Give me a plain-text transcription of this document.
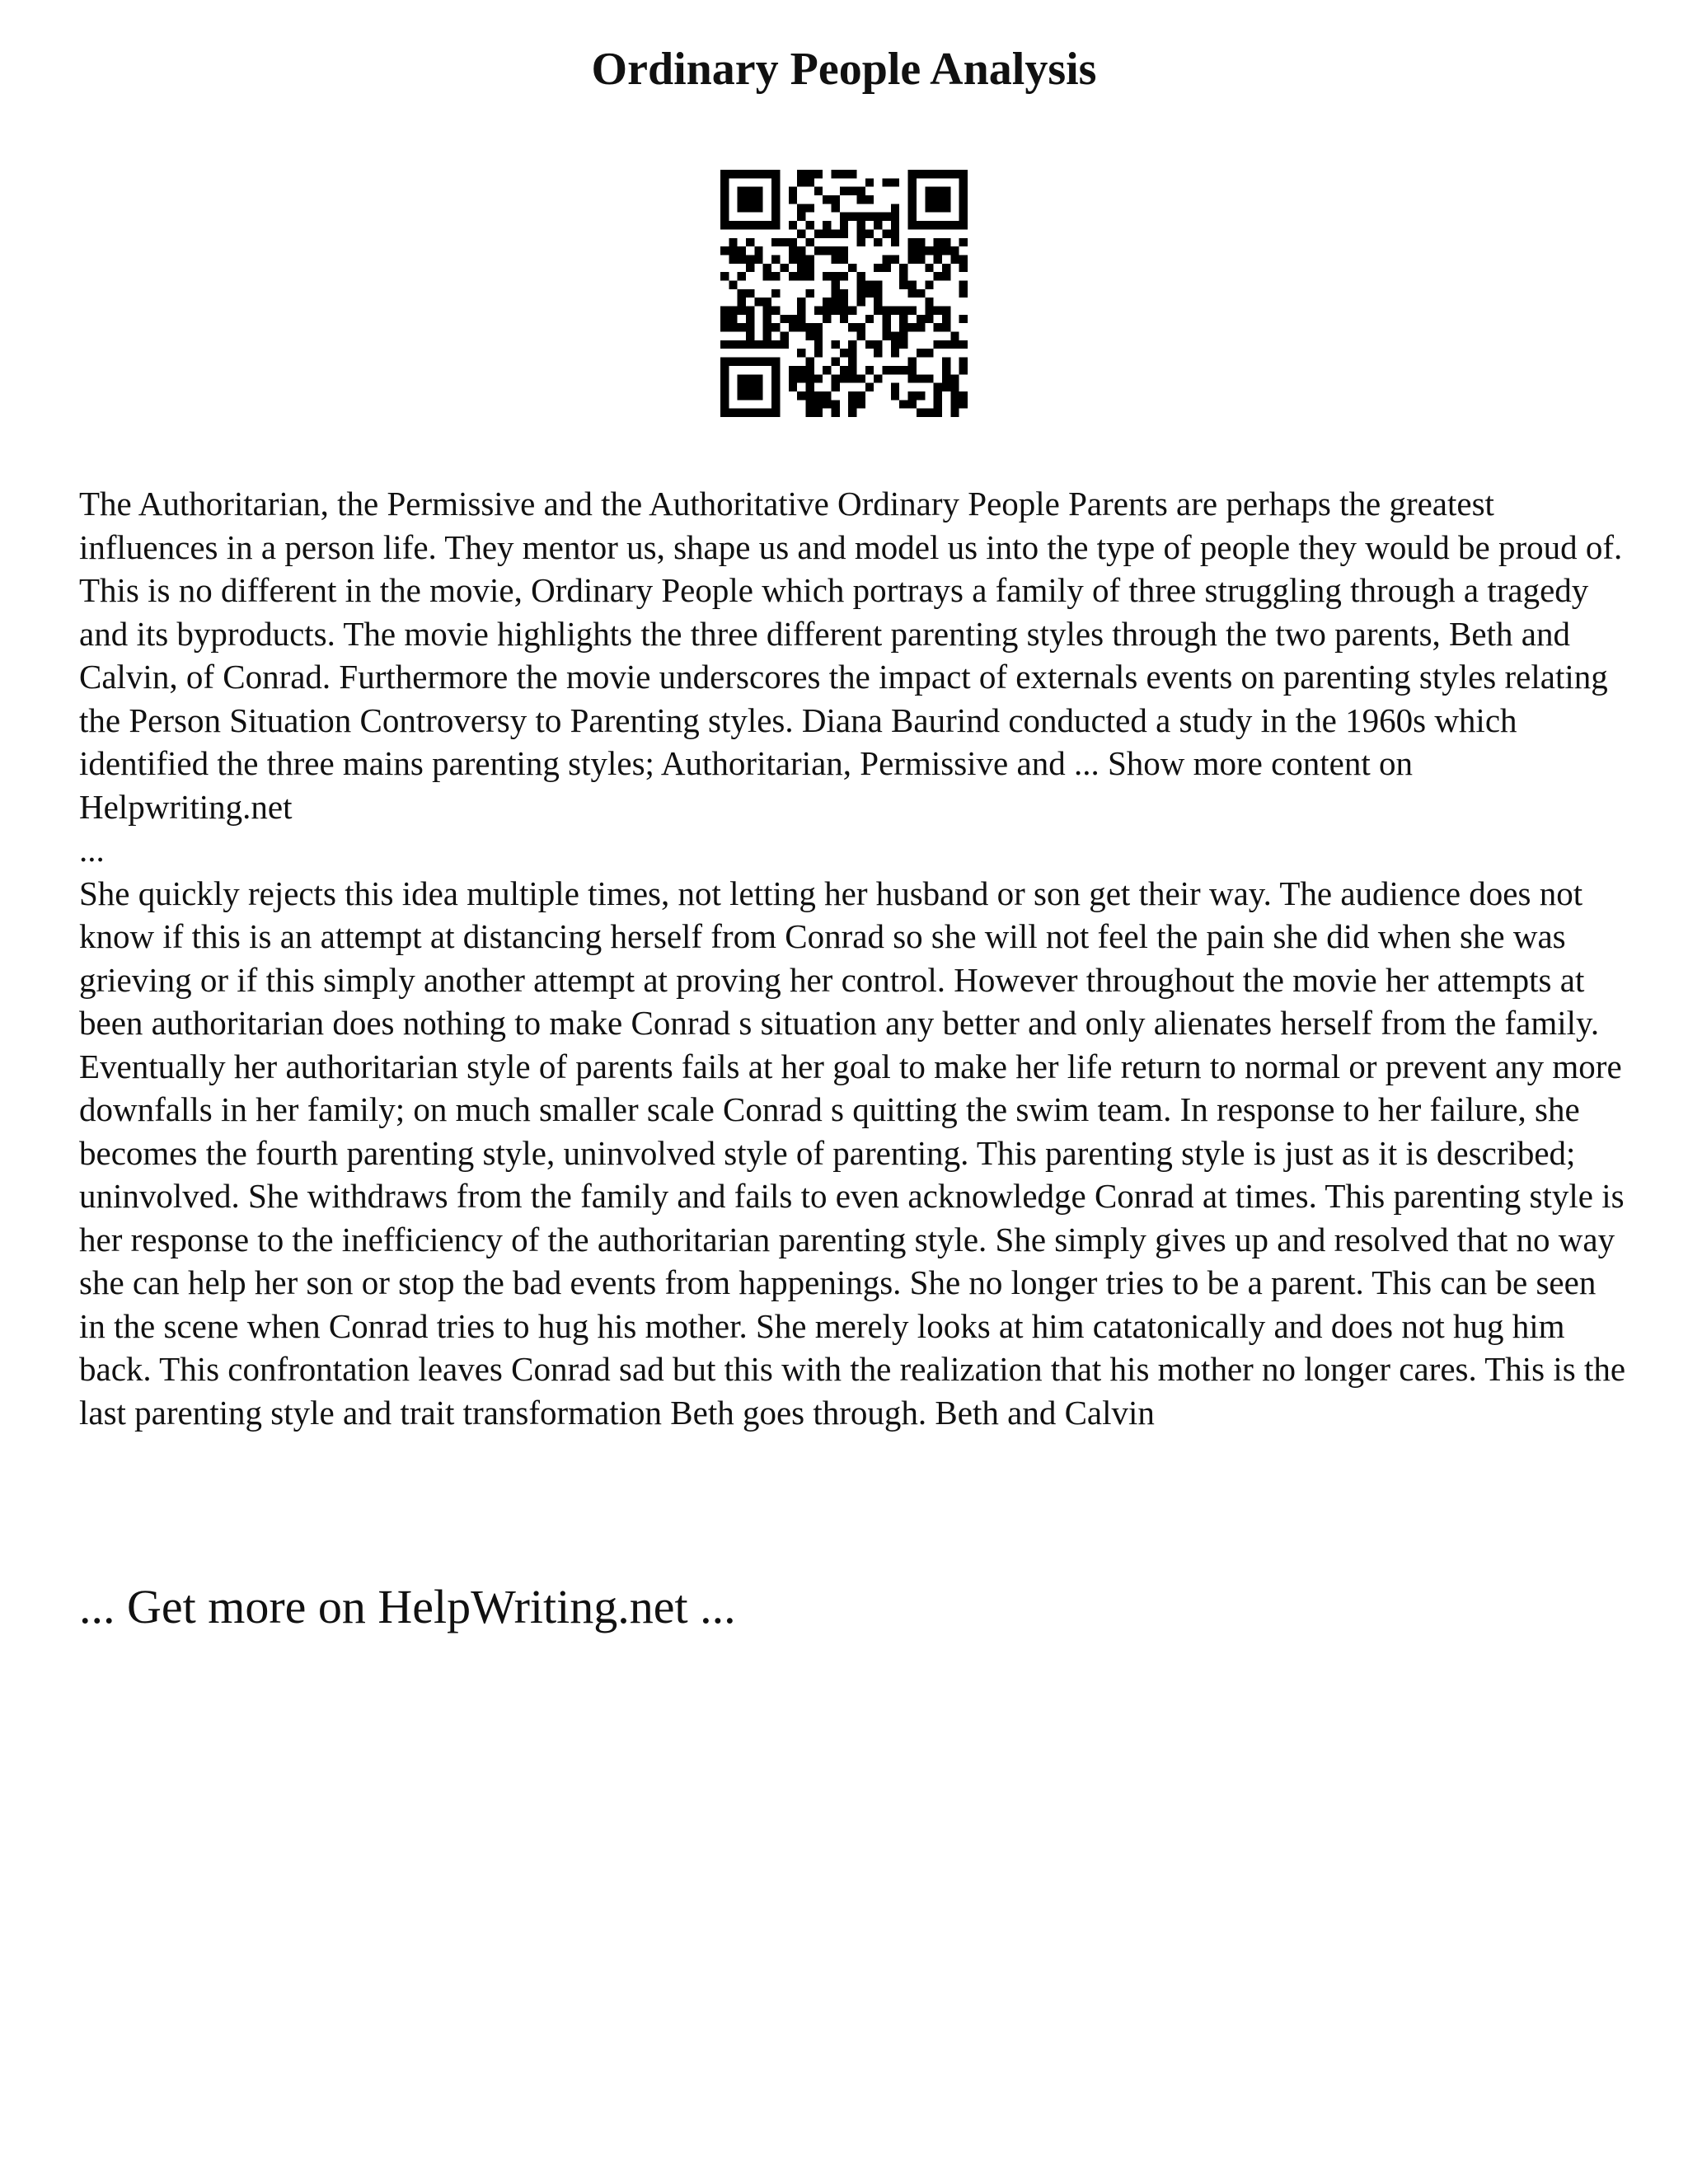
Ordinary People Analysis

The Authoritarian, the Permissive and the Authoritative Ordinary People Parents are perhaps the greatest influences in a person life. They mentor us, shape us and model us into the type of people they would be proud of. This is no different in the movie, Ordinary People which portrays a family of three struggling through a tragedy and its byproducts. The movie highlights the three different parenting styles through the two parents, Beth and Calvin, of Conrad. Furthermore the movie underscores the impact of externals events on parenting styles relating the Person Situation Controversy to Parenting styles. Diana Baurind conducted a study in the 1960s which identified the three mains parenting styles; Authoritarian, Permissive and ... Show more content on Helpwriting.net

...

She quickly rejects this idea multiple times, not letting her husband or son get their way. The audience does not know if this is an attempt at distancing herself from Conrad so she will not feel the pain she did when she was grieving or if this simply another attempt at proving her control. However throughout the movie her attempts at been authoritarian does nothing to make Conrad s situation any better and only alienates herself from the family. Eventually her authoritarian style of parents fails at her goal to make her life return to normal or prevent any more downfalls in her family; on much smaller scale Conrad s quitting the swim team. In response to her failure, she becomes the fourth parenting style, uninvolved style of parenting. This parenting style is just as it is described; uninvolved. She withdraws from the family and fails to even acknowledge Conrad at times. This parenting style is her response to the inefficiency of the authoritarian parenting style. She simply gives up and resolved that no way she can help her son or stop the bad events from happenings. She no longer tries to be a parent. This can be seen in the scene when Conrad tries to hug his mother. She merely looks at him catatonically and does not hug him back. This confrontation leaves Conrad sad but this with the realization that his mother no longer cares. This is the last parenting style and trait transformation Beth goes through. Beth and Calvin

... Get more on HelpWriting.net ...
